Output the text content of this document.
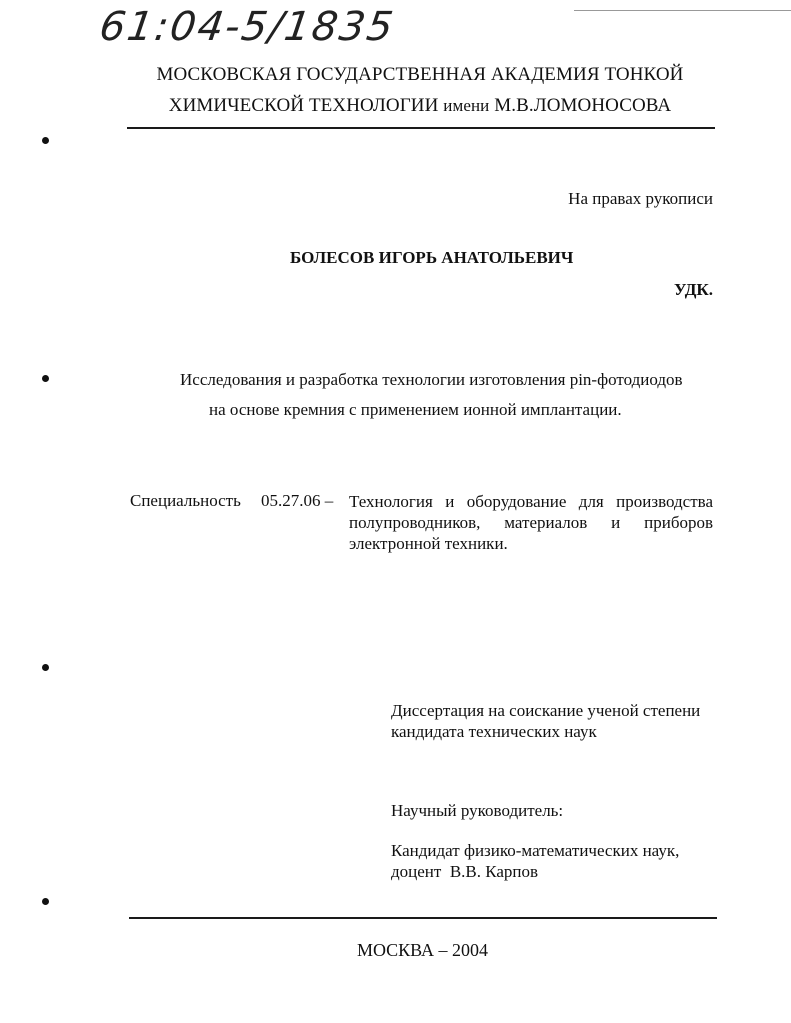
61:04-5/1835
МОСКОВСКАЯ ГОСУДАРСТВЕННАЯ АКАДЕМИЯ ТОНКОЙ
ХИМИЧЕСКОЙ ТЕХНОЛОГИИ имени М.В.ЛОМОНОСОВА
На правах рукописи
БОЛЕСОВ ИГОРЬ АНАТОЛЬЕВИЧ
УДК.
Исследования и разработка технологии изготовления pin-фотодиодов
на основе кремния с применением ионной имплантации.
Специальность 05.27.06 – Технология и оборудование для производства
полупроводников, материалов и приборов
электронной техники.
Диссертация на соискание ученой степени
кандидата технических наук
Научный руководитель:
Кандидат физико-математических наук,
доцент  В.В. Карпов
МОСКВА – 2004
